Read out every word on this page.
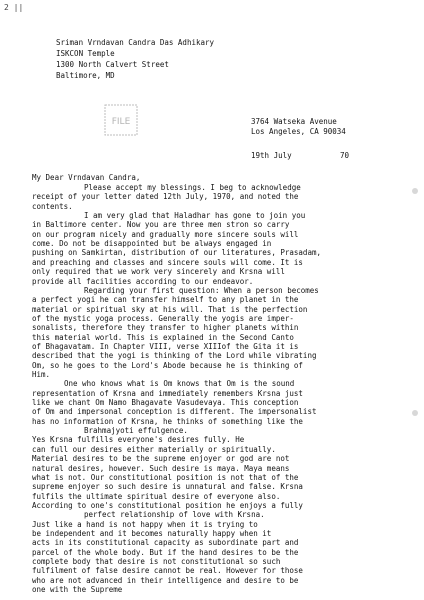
2 ||
Sriman Vrndavan Candra Das Adhikary
ISKCON Temple
1300 North Calvert Street
Baltimore, MD
FILE	3764 Watseka Avenue
Los Angeles, CA 90034
19th July	70
My Dear Vrndavan Candra,
Please accept my blessings. I beg to acknowledge
receipt of your letter dated 12th July, 1970, and noted the
contents.
I am very glad that Haladhar has gone to join you
in Baltimore center. Now you are three men stron so carry
on our program nicely and gradually more sincere souls will
come. Do not be disappointed but be always engaged in
pushing on Samkirtan, distribution of our literatures, Prasadam,
and preaching and classes and sincere souls will come. It is
only required that we work very sincerely and Krsna will
provide all facilities according to our endeavor.
Regarding your first question: When a person becomes
a perfect yogi he can transfer himself to any planet in the
material or spiritual sky at his will. That is the perfection
of the mystic yoga process. Generally the yogis are imper-
sonalists, therefore they transfer to higher planets within
this material world. This is explained in the Second Canto
of Bhagavatam. In Chapter VIII, verse XIIIof the Gita it is
described that the yogi is thinking of the Lord while vibrating
Om, so he goes to the Lord's Abode because he is thinking of
Him.
One who knows what is Om knows that Om is the sound
representation of Krsna and immediately remembers Krsna just
like we chant Om Namo Bhagavate Vasudevaya. This conception
of Om and impersonal conception is different. The impersonalist
has no information of Krsna, he thinks of something like the
Brahmajyoti effulgence.
Yes Krsna fulfills everyone's desires fully. He
can full our desires either materially or spiritually.
Material desires to be the supreme enjoyer or god are not
natural desires, however. Such desire is maya. Maya means
what is not. Our constitutional position is not that of the
supreme enjoyer so such desire is unnatural and false. Krsna
fulfils the ultimate spiritual desire of everyone also.
According to one's constitutional position he enjoys a fully
perfect relationship of love with Krsna.
Just like a hand is not happy when it is trying to
be independent and it becomes naturally happy when it
acts in its constitutional capacity as subordinate part and
parcel of the whole body. But if the hand desires to be the
complete body that desire is not constitutional so such
fulfilment of false desire cannot be real. However for those
who are not advanced in their intelligence and desire to be
one with the Supreme
